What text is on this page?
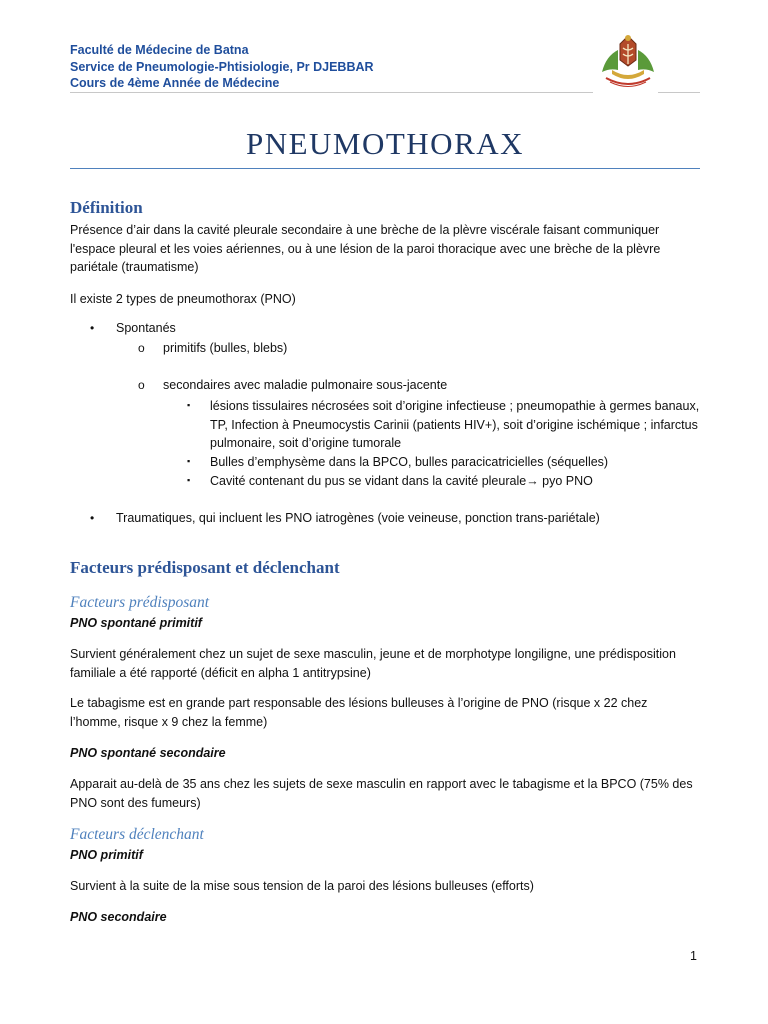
Faculté de Médecine de Batna
Service de Pneumologie-Phtisiologie, Pr DJEBBAR
Cours de 4ème Année de Médecine
PNEUMOTHORAX
Définition
Présence d’air dans la cavité pleurale secondaire à une brèche de la plèvre viscérale faisant communiquer l'espace pleural et les voies aériennes, ou à une lésion de la paroi thoracique avec une brèche de la plèvre pariétale (traumatisme)
Il existe 2 types de pneumothorax (PNO)
• Spontanés
o primitifs (bulles, blebs)
o secondaires avec maladie pulmonaire sous-jacente
▪ lésions tissulaires nécrosées soit d’origine infectieuse ; pneumopathie à germes banaux, TP, Infection à Pneumocystis Carinii (patients HIV+), soit d’origine ischémique ; infarctus pulmonaire, soit d’origine tumorale
▪ Bulles d’emphysème dans la BPCO, bulles paracicatricielles (séquelles)
▪ Cavité contenant du pus se vidant dans la cavité pleurale→ pyo PNO
• Traumatiques, qui incluent les PNO iatrogènes (voie veineuse, ponction trans-pariétale)
Facteurs prédisposant et déclenchant
Facteurs prédisposant
PNO spontané primitif
Survient généralement chez un sujet de sexe masculin, jeune et de morphotype longiligne, une prédisposition familiale a été rapporté (déficit en alpha 1 antitrypsine)
Le tabagisme est en grande part responsable des lésions bulleuses à l’origine de PNO (risque x 22 chez l’homme, risque x 9 chez la femme)
PNO spontané secondaire
Apparait au-delà de 35 ans chez les sujets de sexe masculin en rapport avec le tabagisme et la BPCO (75% des PNO sont des fumeurs)
Facteurs déclenchant
PNO primitif
Survient à la suite de la mise sous tension de la paroi des lésions bulleuses (efforts)
PNO secondaire
1
